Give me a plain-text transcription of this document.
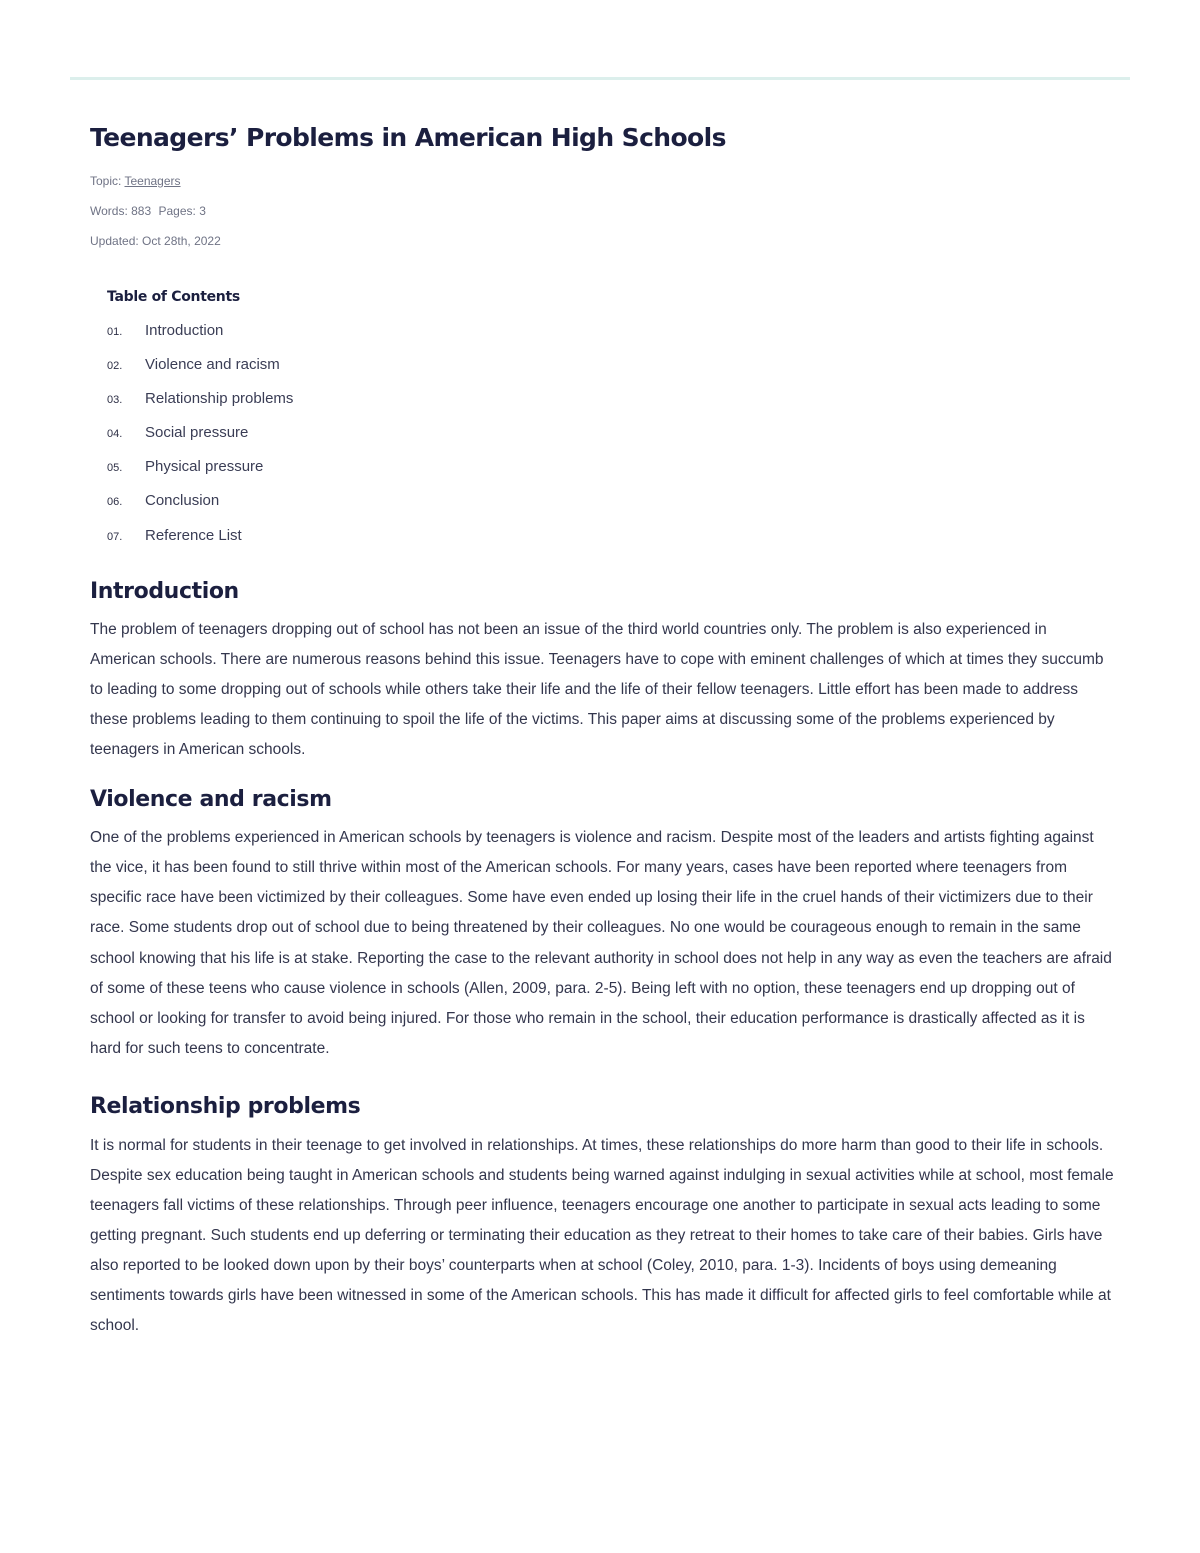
Teenagers’ Problems in American High Schools
Topic: Teenagers
Words: 883 Pages: 3
Updated: Oct 28th, 2022
Table of Contents
01.	Introduction
02.	Violence and racism
03.	Relationship problems
04.	Social pressure
05.	Physical pressure
06.	Conclusion
07.	Reference List
Introduction

The problem of teenagers dropping out of school has not been an issue of the third world countries only. The problem is also experienced in American schools. There are numerous reasons behind this issue. Teenagers have to cope with eminent challenges of which at times they succumb to leading to some dropping out of schools while others take their life and the life of their fellow teenagers. Little effort has been made to address these problems leading to them continuing to spoil the life of the victims. This paper aims at discussing some of the problems experienced by teenagers in American schools.

Violence and racism

One of the problems experienced in American schools by teenagers is violence and racism. Despite most of the leaders and artists fighting against the vice, it has been found to still thrive within most of the American schools. For many years, cases have been reported where teenagers from specific race have been victimized by their colleagues. Some have even ended up losing their life in the cruel hands of their victimizers due to their race. Some students drop out of school due to being threatened by their colleagues. No one would be courageous enough to remain in the same school knowing that his life is at stake. Reporting the case to the relevant authority in school does not help in any way as even the teachers are afraid of some of these teens who cause violence in schools (Allen, 2009, para. 2-5). Being left with no option, these teenagers end up dropping out of school or looking for transfer to avoid being injured. For those who remain in the school, their education performance is drastically affected as it is hard for such teens to concentrate.

Relationship problems

It is normal for students in their teenage to get involved in relationships. At times, these relationships do more harm than good to their life in schools. Despite sex education being taught in American schools and students being warned against indulging in sexual activities while at school, most female teenagers fall victims of these relationships. Through peer influence, teenagers encourage one another to participate in sexual acts leading to some getting pregnant. Such students end up deferring or terminating their education as they retreat to their homes to take care of their babies. Girls have also reported to be looked down upon by their boys’ counterparts when at school (Coley, 2010, para. 1-3). Incidents of boys using demeaning sentiments towards girls have been witnessed in some of the American schools. This has made it difficult for affected girls to feel comfortable while at school.
